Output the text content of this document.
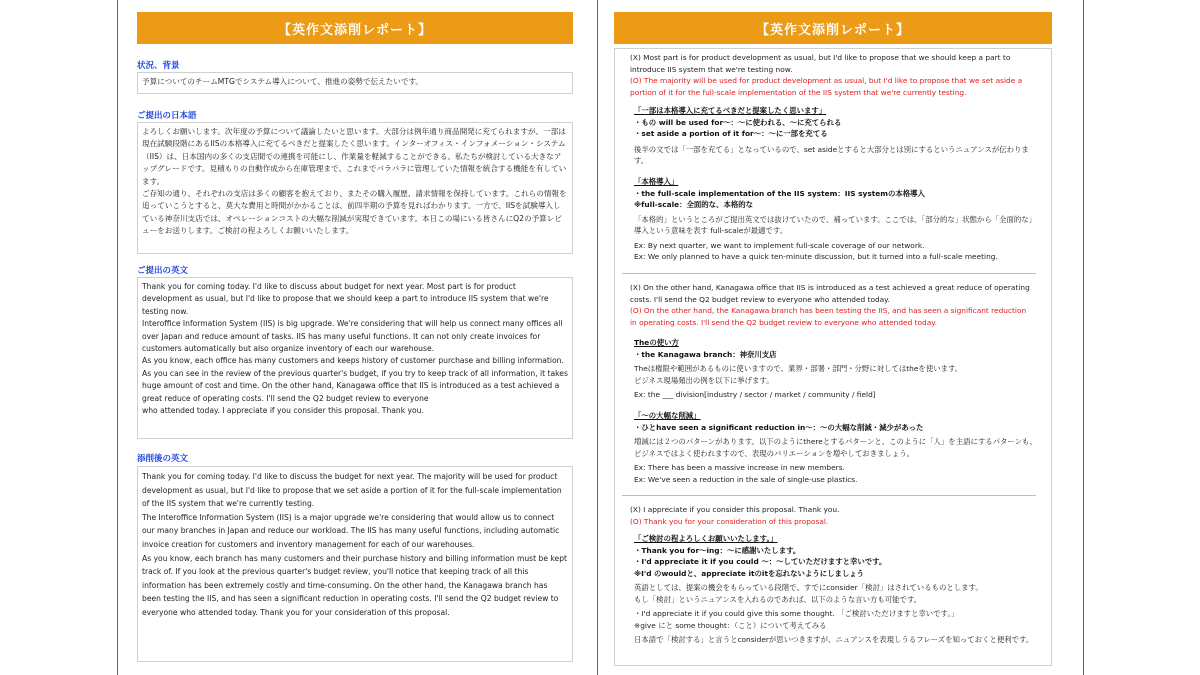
【英作文添削レポート】
状況、背景

予算についてのチームMTGでシステム導入について、推進の姿勢で伝えたいです。

ご提出の日本語

よろしくお願いします。次年度の予算について議論したいと思います。大部分は例年通り商品開発に充てられますが、一部は現在試験段階にあるIISの本格導入に充てるべきだと提案したく思います。インターオフィス・インフォメーション・システム（IIS）は、日本国内の多くの支店間での連携を可能にし、作業量を軽減することができる、私たちが検討している大きなアップグレードです。見積もりの自動作成から在庫管理まで、これまでバラバラに管理していた情報を統合する機能を有しています。
ご存知の通り、それぞれの支店は多くの顧客を抱えており、またその購入履歴、請求情報を保持しています。これらの情報を追っていこうとすると、莫大な費用と時間がかかることは、前四半期の予算を見ればわかります。一方で、IISを試験導入している神奈川支店では、オペレーションコストの大幅な削減が実現できています。本日この場にいる皆さんにQ2の予算レビューをお送りします。ご検討の程よろしくお願いいたします。

ご提出の英文

Thank you for coming today. I'd like to discuss about budget for next year. Most part is for product development as usual, but I'd like to propose that we should keep a part to introduce IIS system that we're testing now.
Interoffice Information System (IIS) is big upgrade. We're considering that will help us connect many offices all over Japan and reduce amount of tasks. IIS has many useful functions. It can not only create invoices for customers automatically but also organize inventory of each our warehouse.
As you know, each office has many customers and keeps history of customer purchase and billing information. As you can see in the review of the previous quarter's budget, if you try to keep track of all information, it takes huge amount of cost and time. On the other hand, Kanagawa office that IIS is introduced as a test achieved a great reduce of operating costs. I'll send the Q2 budget review to everyone
who attended today. I appreciate if you consider this proposal. Thank you.

添削後の英文

Thank you for coming today. I'd like to discuss the budget for next year. The majority will be used for product development as usual, but I'd like to propose that we set aside a portion of it for the full-scale implementation of the IIS system that we're currently testing.
The Interoffice Information System (IIS) is a major upgrade we're considering that would allow us to connect our many branches in Japan and reduce our workload. The IIS has many useful functions, including automatic invoice creation for customers and inventory management for each of our warehouses.
As you know, each branch has many customers and their purchase history and billing information must be kept track of. If you look at the previous quarter's budget review, you'll notice that keeping track of all this information has been extremely costly and time-consuming. On the other hand, the Kanagawa branch has been testing the IIS, and has seen a significant reduction in operating costs. I'll send the Q2 budget review to everyone who attended today. Thank you for your consideration of this proposal.

【英作文添削レポート】

(X) Most part is for product development as usual, but I'd like to propose that we should keep a part to introduce IIS system that we're testing now.

(O) The majority will be used for product development as usual, but I'd like to propose that we set aside a portion of it for the full-scale implementation of the IIS system that we're currently testing.

「一部は本格導入に充てるべきだと提案したく思います」

・もの will be used for～：～に使われる、～に充てられる

・set aside a portion of it for～：～に一部を充てる

後半の文では「一部を充てる」となっているので、set asideとすると大部分とは別にするというニュアンスが伝わります。

「本格導入」

・the full-scale implementation of the IIS system：IIS systemの本格導入

※full-scale：全面的な、本格的な

「本格的」というところがご提出英文では抜けていたので、補っています。ここでは、「部分的な」状態から「全面的な」導入という意味を表す full-scaleが最適です。

Ex: By next quarter, we want to implement full-scale coverage of our network.

Ex: We only planned to have a quick ten-minute discussion, but it turned into a full-scale meeting.

(X) On the other hand, Kanagawa office that IIS is introduced as a test achieved a great reduce of operating costs. I'll send the Q2 budget review to everyone who attended today.

(O) On the other hand, the Kanagawa branch has been testing the IIS, and has seen a significant reduction in operating costs. I'll send the Q2 budget review to everyone who attended today.

Theの使い方

・the Kanagawa branch：神奈川支店

Theは権限や範囲があるものに使いますので、業界・部署・部門・分野に対してはtheを使います。
ビジネス現場頻出の例を以下に挙げます。

Ex: the ___ division[industry / sector / market / community / field]

「～の大幅な削減」

・ひとhave seen a significant reduction in～：～の大幅な削減・減少があった

増減には２つのパターンがあります。以下のようにthereとするパターンと、このように「人」を主語にするパターンも、ビジネスではよく使われますので、表現のバリエーションを増やしておきましょう。

Ex: There has been a massive increase in new members.

Ex: We've seen a reduction in the sale of single-use plastics.

(X) I appreciate if you consider this proposal. Thank you.

(O) Thank you for your consideration of this proposal.

「ご検討の程よろしくお願いいたします。」

・Thank you for～ing：～に感謝いたします。

・I'd appreciate it if you could ～：～していただけますと幸いです。

※I'd のwouldと、appreciate itのitを忘れないようにしましょう

英語としては、提案の機会をもらっている段階で、すでにconsider「検討」はされているものとします。
もし「検討」というニュアンスを入れるのであれば、以下のような言い方も可能です。

・I'd appreciate it if you could give this some thought. 「ご検討いただけますと幸いです。」

※give にと some thought：（こと）について考えてみる

日本語で「検討する」と言うとconsiderが思いつきますが、ニュアンスを表現しうるフレーズを知っておくと便利です。
